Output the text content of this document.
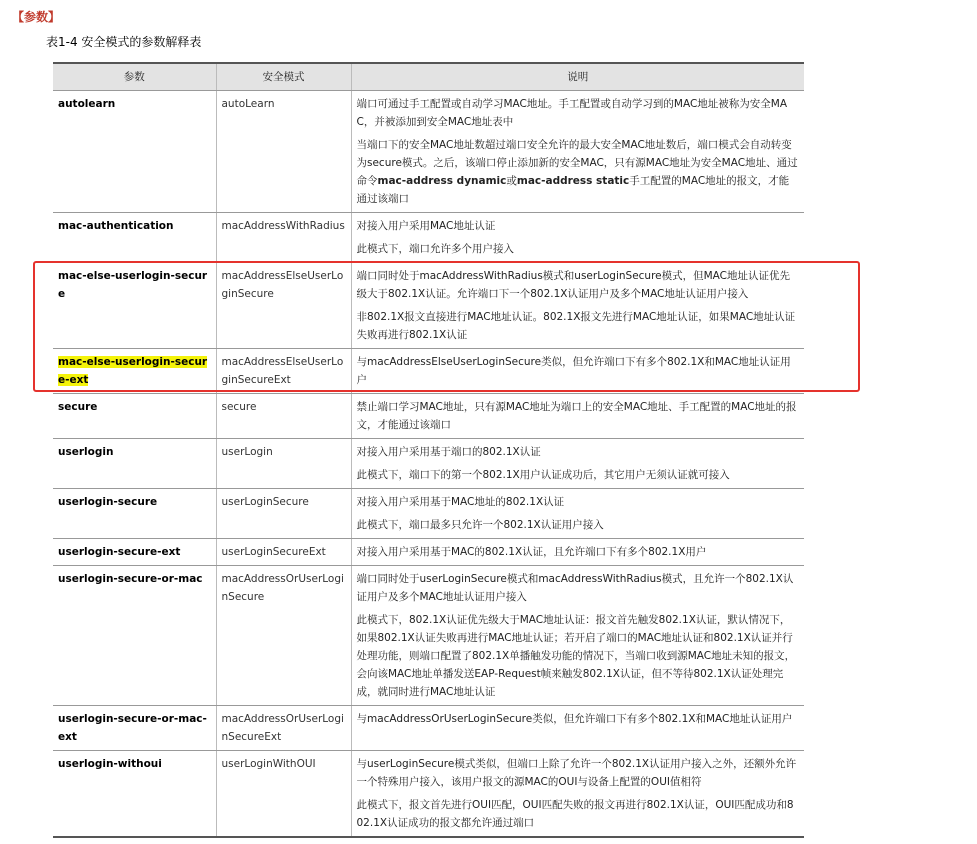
【参数】
表1-4 安全模式的参数解释表
参数	安全模式	说明
autolearn	autoLearn	端口可通过手工配置或自动学习MAC地址。手工配置或自动学习到的MAC地址被称为安全MAC，并被添加到安全MAC地址表中

当端口下的安全MAC地址数超过端口安全允许的最大安全MAC地址数后，端口模式会自动转变为secure模式。之后，该端口停止添加新的安全MAC，只有源MAC地址为安全MAC地址、通过命令mac-address dynamic或mac-address static手工配置的MAC地址的报文，才能通过该端口

mac-authentication	macAddressWithRadius	对接入用户采用MAC地址认证

此模式下，端口允许多个用户接入

mac-else-userlogin-secure	macAddressElseUserLoginSecure	端口同时处于macAddressWithRadius模式和userLoginSecure模式，但MAC地址认证优先级大于802.1X认证。允许端口下一个802.1X认证用户及多个MAC地址认证用户接入

非802.1X报文直接进行MAC地址认证。802.1X报文先进行MAC地址认证，如果MAC地址认证失败再进行802.1X认证

mac-else-userlogin-secure-ext	macAddressElseUserLoginSecureExt	与macAddressElseUserLoginSecure类似，但允许端口下有多个802.1X和MAC地址认证用户

secure	secure	禁止端口学习MAC地址，只有源MAC地址为端口上的安全MAC地址、手工配置的MAC地址的报文，才能通过该端口

userlogin	userLogin	对接入用户采用基于端口的802.1X认证

此模式下，端口下的第一个802.1X用户认证成功后，其它用户无须认证就可接入

userlogin-secure	userLoginSecure	对接入用户采用基于MAC地址的802.1X认证

此模式下，端口最多只允许一个802.1X认证用户接入

userlogin-secure-ext	userLoginSecureExt	对接入用户采用基于MAC的802.1X认证，且允许端口下有多个802.1X用户

userlogin-secure-or-mac	macAddressOrUserLoginSecure	端口同时处于userLoginSecure模式和macAddressWithRadius模式，且允许一个802.1X认证用户及多个MAC地址认证用户接入

此模式下，802.1X认证优先级大于MAC地址认证：报文首先触发802.1X认证，默认情况下，如果802.1X认证失败再进行MAC地址认证；若开启了端口的MAC地址认证和802.1X认证并行处理功能，则端口配置了802.1X单播触发功能的情况下，当端口收到源MAC地址未知的报文，会向该MAC地址单播发送EAP-Request帧来触发802.1X认证，但不等待802.1X认证处理完成，就同时进行MAC地址认证

userlogin-secure-or-mac-ext	macAddressOrUserLoginSecureExt	与macAddressOrUserLoginSecure类似，但允许端口下有多个802.1X和MAC地址认证用户

userlogin-withoui	userLoginWithOUI	与userLoginSecure模式类似，但端口上除了允许一个802.1X认证用户接入之外，还额外允许一个特殊用户接入，该用户报文的源MAC的OUI与设备上配置的OUI值相符

此模式下，报文首先进行OUI匹配，OUI匹配失败的报文再进行802.1X认证，OUI匹配成功和802.1X认证成功的报文都允许通过端口
